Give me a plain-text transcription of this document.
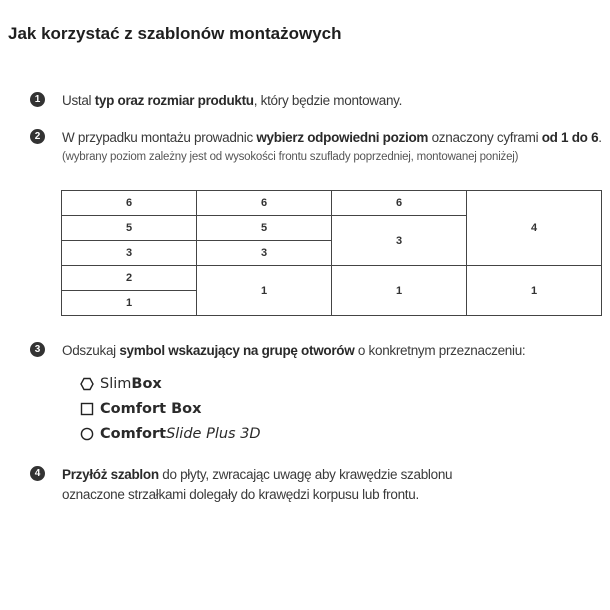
Jak korzystać z szablonów montażowych
1	Ustal typ oraz rozmiar produktu, który będzie montowany.
2	W przypadku montażu prowadnic wybierz odpowiedni poziom oznaczony cyframi od 1 do 6.
(wybrany poziom zależny jest od wysokości frontu szuflady poprzedniej, montowanej poniżej)
6	6	6	4
5	5	3	
3	3		
2	1	1	1
1			
3	Odszukaj symbol wskazujący na grupę otworów o konkretnym przeznaczeniu:
Slim Box
Comfort Box
Comfort Slide Plus 3D
4	Przyłóż szablon do płyty, zwracając uwagę aby krawędzie szablonu
oznaczone strzałkami dolegały do krawędzi korpusu lub frontu.
